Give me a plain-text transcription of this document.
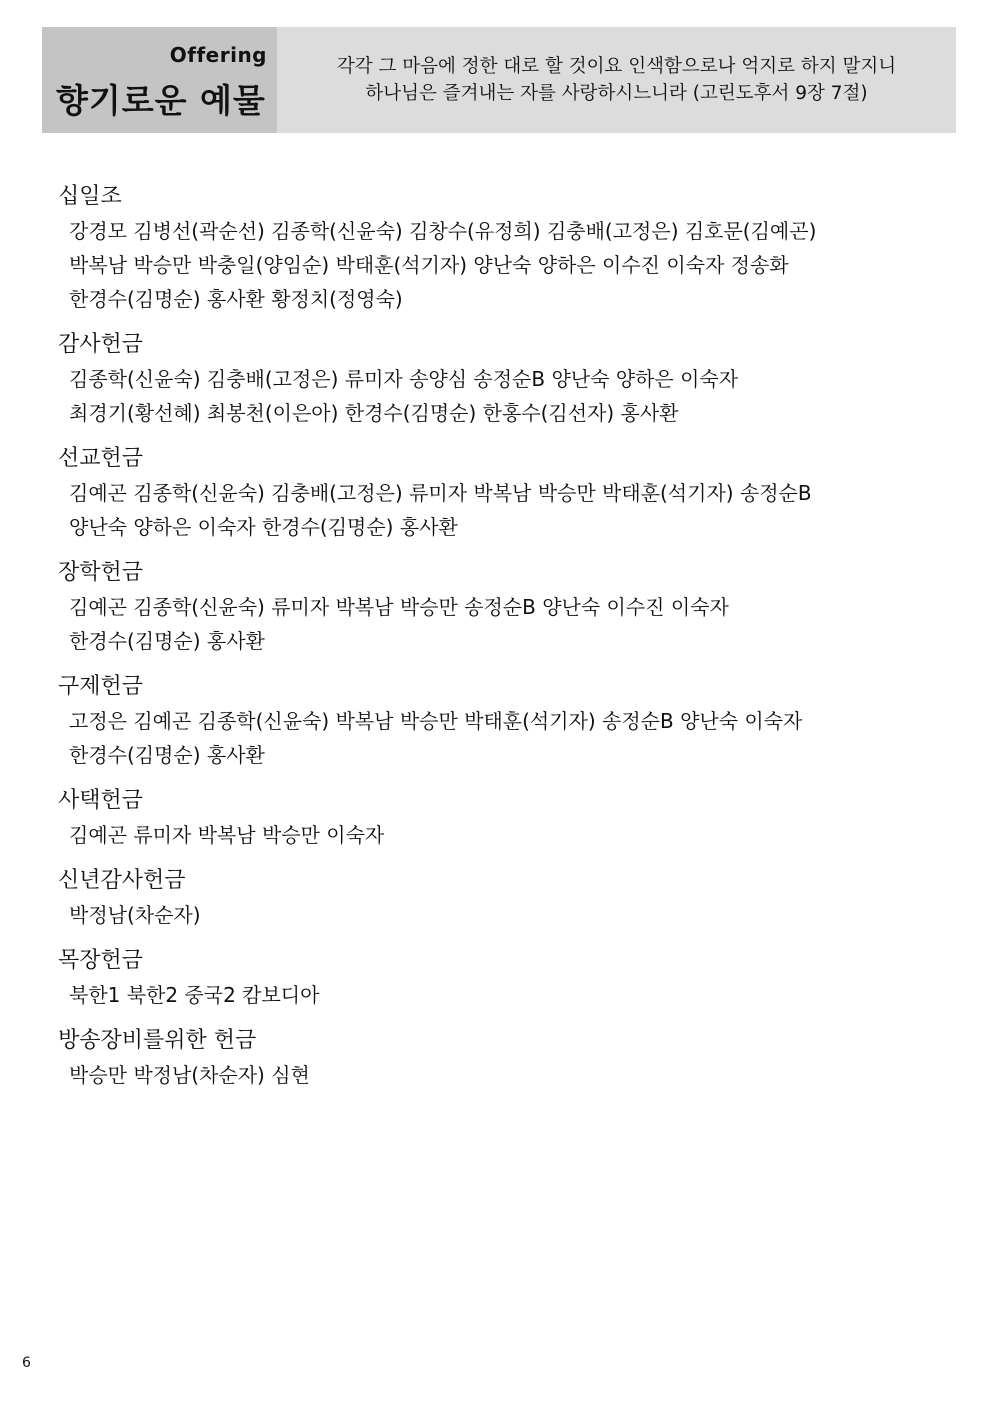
Offering
향기로운 예물
각각 그 마음에 정한 대로 할 것이요 인색함으로나 억지로 하지 말지니
하나님은 즐겨내는 자를 사랑하시느니라 (고린도후서 9장 7절)
십일조
강경모 김병선(곽순선) 김종학(신윤숙) 김창수(유정희) 김충배(고정은) 김호문(김예곤)
박복남 박승만 박충일(양임순) 박태훈(석기자) 양난숙 양하은 이수진 이숙자 정송화
한경수(김명순) 홍사환 황정치(정영숙)
감사헌금
김종학(신윤숙) 김충배(고정은) 류미자 송양심 송정순B 양난숙 양하은 이숙자
최경기(황선혜) 최봉천(이은아) 한경수(김명순) 한홍수(김선자) 홍사환
선교헌금
김예곤 김종학(신윤숙) 김충배(고정은) 류미자 박복남 박승만 박태훈(석기자) 송정순B
양난숙 양하은 이숙자 한경수(김명순) 홍사환
장학헌금
김예곤 김종학(신윤숙) 류미자 박복남 박승만 송정순B 양난숙 이수진 이숙자
한경수(김명순) 홍사환
구제헌금
고정은 김예곤 김종학(신윤숙) 박복남 박승만 박태훈(석기자) 송정순B 양난숙 이숙자
한경수(김명순) 홍사환
사택헌금
김예곤 류미자 박복남 박승만 이숙자
신년감사헌금
박정남(차순자)
목장헌금
북한1 북한2 중국2 캄보디아
방송장비를위한 헌금
박승만 박정남(차순자) 심현
6
